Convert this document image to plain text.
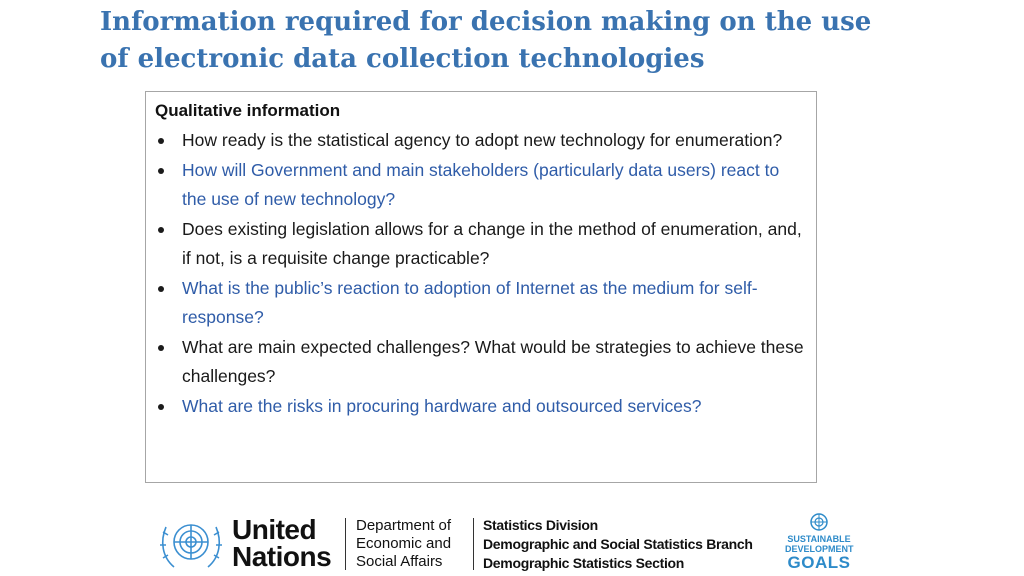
Information required for decision making on the use of electronic data collection technologies
Qualitative information
How ready is the statistical agency to adopt new technology for enumeration?
How will Government and main stakeholders (particularly data users) react to the use of new technology?
Does existing legislation allows for a change in the method of enumeration, and, if not, is a requisite change practicable?
What is the public’s reaction to adoption of Internet as the medium for self-response?
What are main expected challenges? What would be strategies to achieve these challenges?
What are the risks in procuring hardware and outsourced services?
United
Nations
Department of
Economic and
Social Affairs
Statistics Division
Demographic and Social Statistics Branch
Demographic Statistics Section
SUSTAINABLE
DEVELOPMENT
GOALS
